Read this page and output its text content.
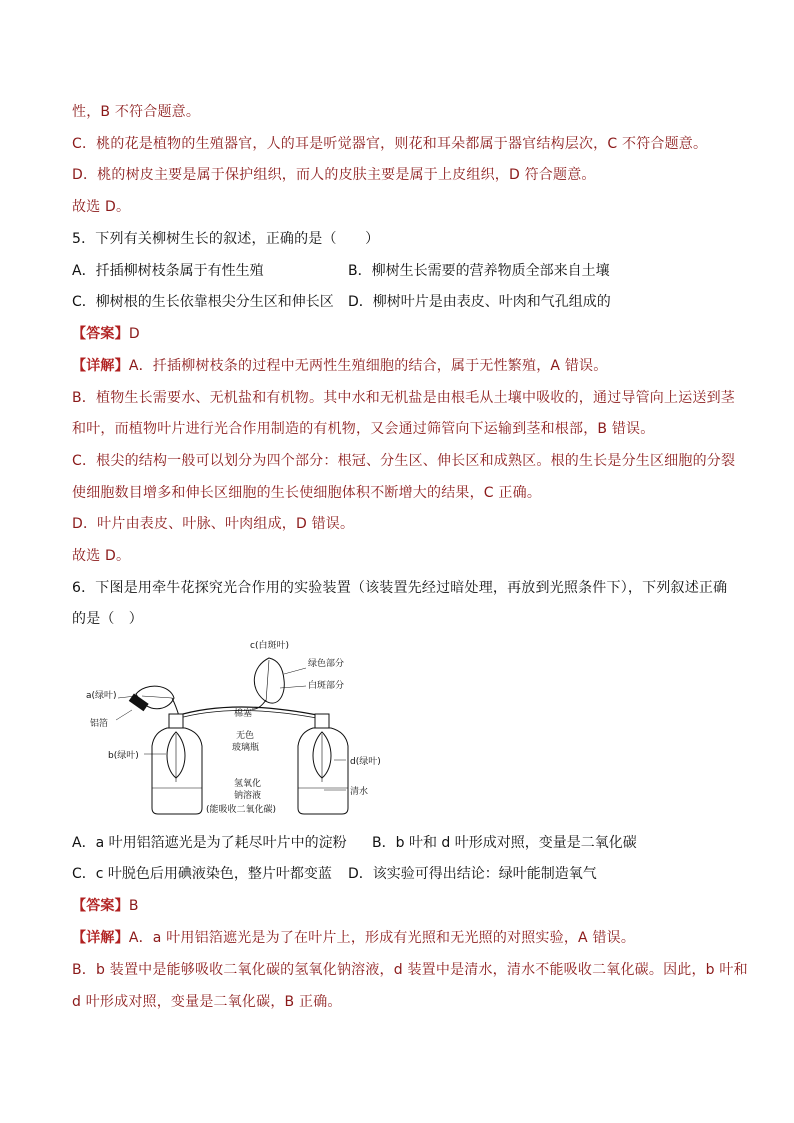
性，B 不符合题意。
C．桃的花是植物的生殖器官，人的耳是听觉器官，则花和耳朵都属于器官结构层次，C 不符合题意。
D．桃的树皮主要是属于保护组织，而人的皮肤主要是属于上皮组织，D 符合题意。
故选 D。
5．下列有关柳树生长的叙述，正确的是（　　）
A．扦插柳树枝条属于有性生殖	B．柳树生长需要的营养物质全部来自土壤
C．柳树根的生长依靠根尖分生区和伸长区 D．柳树叶片是由表皮、叶肉和气孔组成的
【答案】D
【详解】A．扦插柳树枝条的过程中无两性生殖细胞的结合，属于无性繁殖，A 错误。
B．植物生长需要水、无机盐和有机物。其中水和无机盐是由根毛从土壤中吸收的，通过导管向上运送到茎
和叶，而植物叶片进行光合作用制造的有机物，又会通过筛管向下运输到茎和根部，B 错误。
C．根尖的结构一般可以划分为四个部分：根冠、分生区、伸长区和成熟区。根的生长是分生区细胞的分裂
使细胞数目增多和伸长区细胞的生长使细胞体积不断增大的结果，C 正确。
D．叶片由表皮、叶脉、叶肉组成，D 错误。
故选 D。
6．下图是用牵牛花探究光合作用的实验装置（该装置先经过暗处理，再放到光照条件下），下列叙述正确
的是（　）
c(白斑叶)
绿色部分
白斑部分
a(绿叶)
铝箔
棉塞
无色
玻璃瓶
b(绿叶)
d(绿叶)
氢氧化
钠溶液
(能吸收二氧化碳)
清水
A．a 叶用铝箔遮光是为了耗尽叶片中的淀粉 B．b 叶和 d 叶形成对照，变量是二氧化碳
C．c 叶脱色后用碘液染色，整片叶都变蓝 D．该实验可得出结论：绿叶能制造氧气
【答案】B
【详解】A．a 叶用铝箔遮光是为了在叶片上，形成有光照和无光照的对照实验，A 错误。
B．b 装置中是能够吸收二氧化碳的氢氧化钠溶液，d 装置中是清水，清水不能吸收二氧化碳。因此，b 叶和
d 叶形成对照，变量是二氧化碳，B 正确。
